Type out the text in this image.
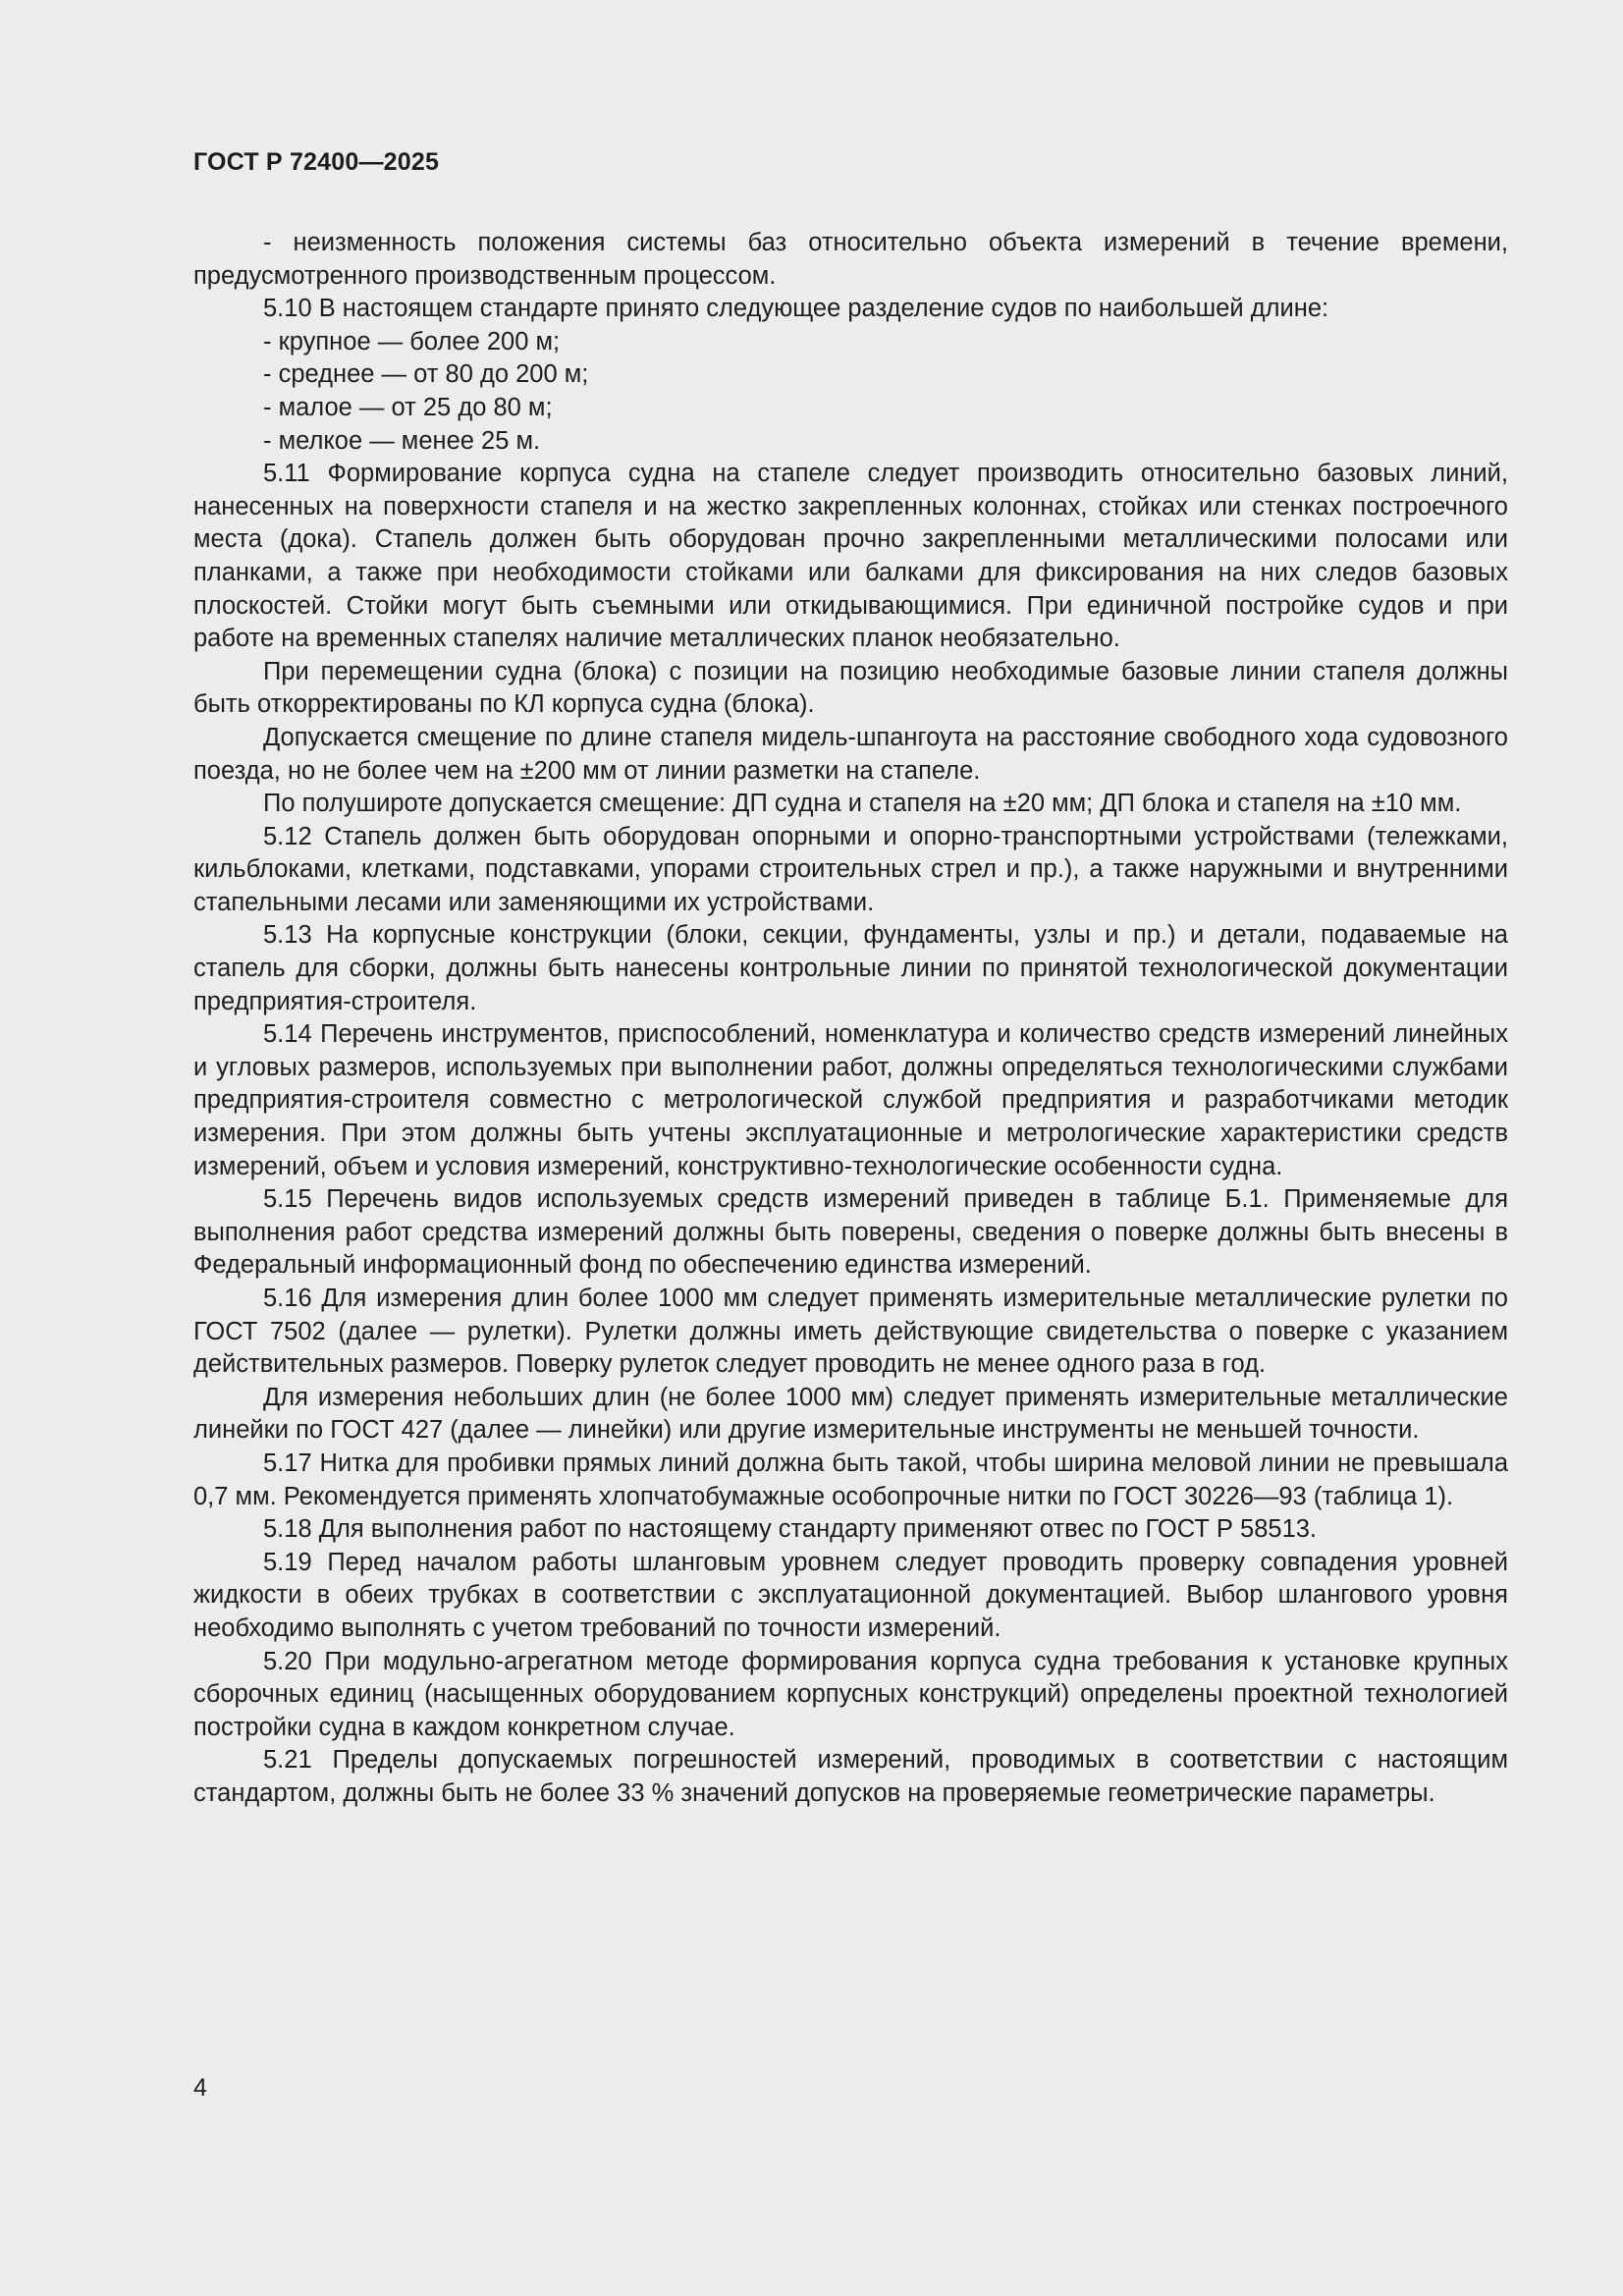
ГОСТ Р 72400—2025

- неизменность положения системы баз относительно объекта измерений в течение времени, предусмотренного производственным процессом.

5.10 В настоящем стандарте принято следующее разделение судов по наибольшей длине:

- крупное — более 200 м;

- среднее — от 80 до 200 м;

- малое — от 25 до 80 м;

- мелкое — менее 25 м.

5.11 Формирование корпуса судна на стапеле следует производить относительно базовых линий, нанесенных на поверхности стапеля и на жестко закрепленных колоннах, стойках или стенках построечного места (дока). Стапель должен быть оборудован прочно закрепленными металлическими полосами или планками, а также при необходимости стойками или балками для фиксирования на них следов базовых плоскостей. Стойки могут быть съемными или откидывающимися. При единичной постройке судов и при работе на временных стапелях наличие металлических планок необязательно.

При перемещении судна (блока) с позиции на позицию необходимые базовые линии стапеля должны быть откорректированы по КЛ корпуса судна (блока).

Допускается смещение по длине стапеля мидель-шпангоута на расстояние свободного хода судовозного поезда, но не более чем на ±200 мм от линии разметки на стапеле.

По полушироте допускается смещение: ДП судна и стапеля на ±20 мм; ДП блока и стапеля на ±10 мм.

5.12 Стапель должен быть оборудован опорными и опорно-транспортными устройствами (тележками, кильблоками, клетками, подставками, упорами строительных стрел и пр.), а также наружными и внутренними стапельными лесами или заменяющими их устройствами.

5.13 На корпусные конструкции (блоки, секции, фундаменты, узлы и пр.) и детали, подаваемые на стапель для сборки, должны быть нанесены контрольные линии по принятой технологической документации предприятия-строителя.

5.14 Перечень инструментов, приспособлений, номенклатура и количество средств измерений линейных и угловых размеров, используемых при выполнении работ, должны определяться технологическими службами предприятия-строителя совместно с метрологической службой предприятия и разработчиками методик измерения. При этом должны быть учтены эксплуатационные и метрологические характеристики средств измерений, объем и условия измерений, конструктивно-технологические особенности судна.

5.15 Перечень видов используемых средств измерений приведен в таблице Б.1. Применяемые для выполнения работ средства измерений должны быть поверены, сведения о поверке должны быть внесены в Федеральный информационный фонд по обеспечению единства измерений.

5.16 Для измерения длин более 1000 мм следует применять измерительные металлические рулетки по ГОСТ 7502 (далее — рулетки). Рулетки должны иметь действующие свидетельства о поверке с указанием действительных размеров. Поверку рулеток следует проводить не менее одного раза в год.

Для измерения небольших длин (не более 1000 мм) следует применять измерительные металлические линейки по ГОСТ 427 (далее — линейки) или другие измерительные инструменты не меньшей точности.

5.17 Нитка для пробивки прямых линий должна быть такой, чтобы ширина меловой линии не превышала 0,7 мм. Рекомендуется применять хлопчатобумажные особопрочные нитки по ГОСТ 30226—93 (таблица 1).

5.18 Для выполнения работ по настоящему стандарту применяют отвес по ГОСТ Р 58513.

5.19 Перед началом работы шланговым уровнем следует проводить проверку совпадения уровней жидкости в обеих трубках в соответствии с эксплуатационной документацией. Выбор шлангового уровня необходимо выполнять с учетом требований по точности измерений.

5.20 При модульно-агрегатном методе формирования корпуса судна требования к установке крупных сборочных единиц (насыщенных оборудованием корпусных конструкций) определены проектной технологией постройки судна в каждом конкретном случае.

5.21 Пределы допускаемых погрешностей измерений, проводимых в соответствии с настоящим стандартом, должны быть не более 33 % значений допусков на проверяемые геометрические параметры.

4
